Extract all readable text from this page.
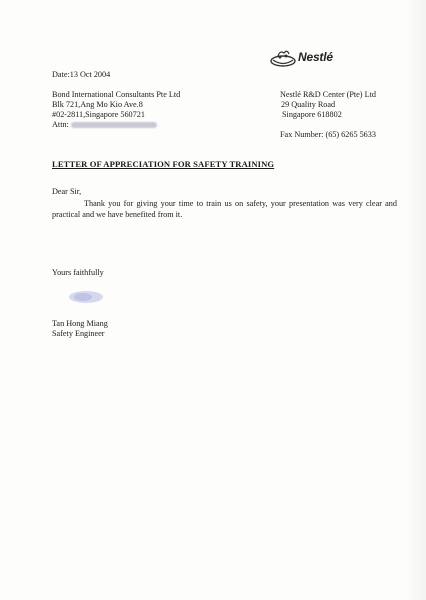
Nestlé
Date:13 Oct 2004
Bond International Consultants Pte Ltd
Blk 721,Ang Mo Kio Ave.8
#02-2811,Singapore 560721
Attn:
Nestlé R&D Center (Pte) Ltd
29 Quality Road
Singapore 618802
Fax Number: (65) 6265 5633
LETTER OF APPRECIATION FOR SAFETY TRAINING
Dear Sir,
Thank you for giving your time to train us on safety, your presentation was very clear and practical and we have benefited from it.
Yours faithfully
Tan Hong Miang
Safety Engineer
